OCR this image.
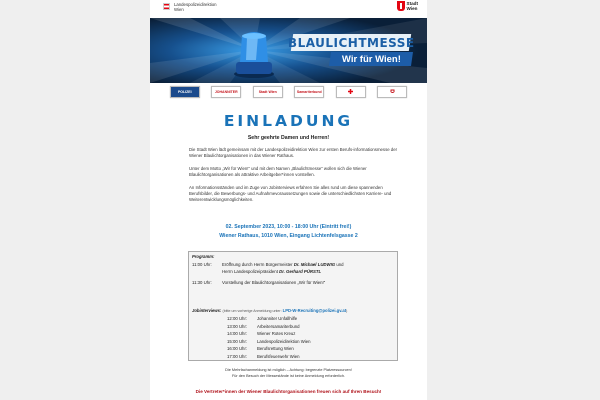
Landespolizeidirektion
Wien
Stadt
Wien
BLAULICHTMESSE
Wir für Wien!
POLIZEI	JOHANNITER	Stadt Wien	Samariterbund
EINLADUNG
Sehr geehrte Damen und Herren!
Die Stadt Wien lädt gemeinsam mit der Landespolizeidirektion Wien zur ersten Berufs-informationsmesse der Wiener Blaulichtorganisationen in das Wiener Rathaus.
Unter dem Motto „Wir für Wien!“ und mit dem Namen „Blaulichtmesse“ wollen sich die Wiener Blaulichtorganisationen als attraktive Arbeitgeber*innen vorstellen.
An Informationsständen und im Zuge von Jobinterviews erfahren Sie alles rund um diese spannenden Berufsbilder, die Bewerbungs- und Aufnahmevoraussetzungen sowie die unterschiedlichsten Karriere- und Weiterentwicklungsmöglichkeiten.
02. September 2023, 10:00 - 18:00 Uhr (Eintritt frei!)
Wiener Rathaus, 1010 Wien, Eingang Lichtenfelsgasse 2
Programm:
11:00 Uhr:	Eröffnung durch Herrn Bürgermeister Dr. Michael LUDWIG und
Herrn Landespolizeipräsident Dr. Gerhard PÜRSTL
11:30 Uhr:	Vorstellung der Blaulichtorganisationen „Wir für Wien!“
Jobinterviews: (bitte um vorherige Anmeldung unter: LPD-W-Recruiting@polizei.gv.at)
12:00 Uhr:	Johanniter Unfallhilfe
13:00 Uhr:	Arbeitersamariterbund
14:00 Uhr:	Wiener Rotes Kreuz
15:00 Uhr:	Landespolizeidirektion Wien
16:00 Uhr:	Berufsrettung Wien
17:00 Uhr:	Berufsfeuerwehr Wien
Die Mehrfachanmeldung ist möglich – Achtung: begrenzte Platzressourcen!
Für den Besuch der Messestände ist keine Anmeldung erforderlich.
Die Vertreter*innen der Wiener Blaulichtorganisationen freuen sich auf Ihren Besuch!
